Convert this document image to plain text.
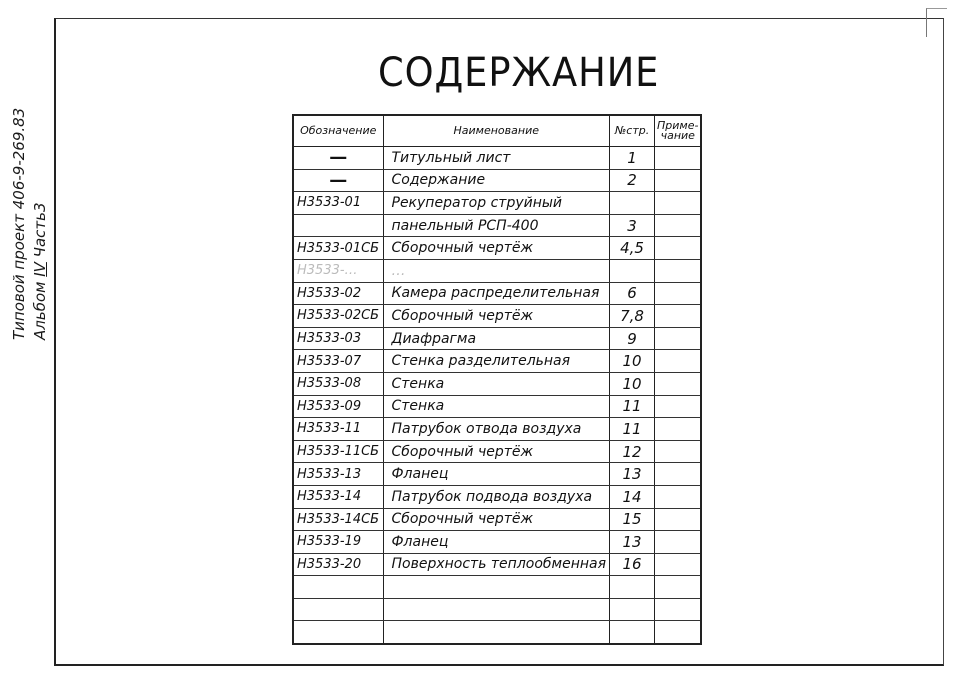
Типовой проект 406-9-269.83 Альбом IV Часть3
СОДЕРЖАНИЕ
Обозначение	Наименование	№стр.	Приме-чание
—	Титульный лист	1	
—	Содержание	2	
Н3533-01	Рекуператор струйный		
	панельный РСП-400	3	
Н3533-01СБ	Сборочный чертёж	4,5	
Н3533-…	…		
Н3533-02	Камера распределительная	6	
Н3533-02СБ	Сборочный чертёж	7,8	
Н3533-03	Диафрагма	9	
Н3533-07	Стенка разделительная	10	
Н3533-08	Стенка	10	
Н3533-09	Стенка	11	
Н3533-11	Патрубок отвода воздуха	11	
Н3533-11СБ	Сборочный чертёж	12	
Н3533-13	Фланец	13	
Н3533-14	Патрубок подвода воздуха	14	
Н3533-14СБ	Сборочный чертёж	15	
Н3533-19	Фланец	13	
Н3533-20	Поверхность теплообменная	16	
